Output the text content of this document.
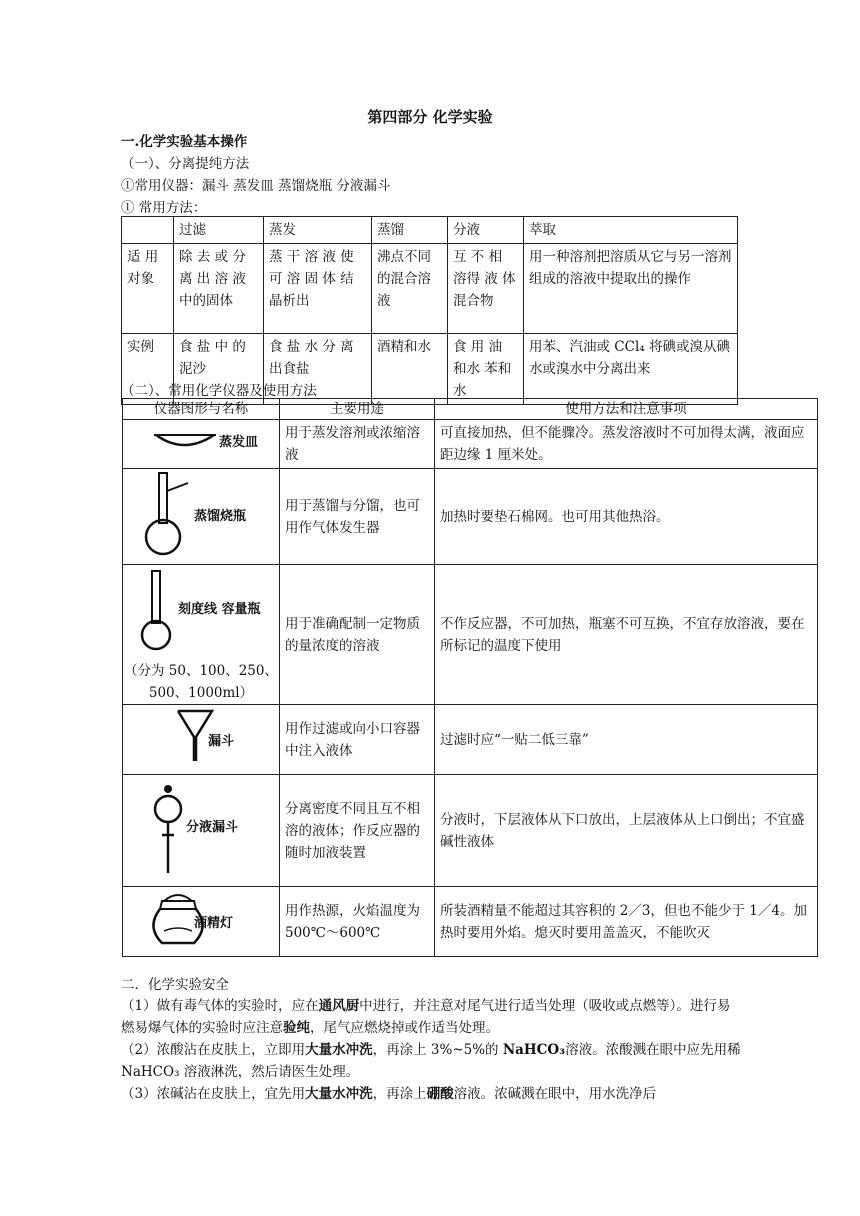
第四部分 化学实验
一.化学实验基本操作
（一）、分离提纯方法
①常用仪器：漏斗 蒸发皿 蒸馏烧瓶 分液漏斗
① 常用方法：
	过滤	蒸发	蒸馏	分液	萃取
适 用对象	除 去 或 分离 出 溶 液中的固体	蒸 干 溶 液 使可 溶 固 体 结晶析出	沸点不同的混合溶液	互 不 相 溶得 液 体 混合物	用一种溶剂把溶质从它与另一溶剂组成的溶液中提取出的操作
实例	食 盐 中 的泥沙	食 盐 水 分 离出食盐	酒精和水	食 用 油 和水 苯和水	用苯、汽油或 CCl₄ 将碘或溴从碘水或溴水中分离出来
（二）、常用化学仪器及使用方法
仪器图形与名称	主要用途	使用方法和注意事项

蒸发皿	用于蒸发溶剂或浓缩溶液	可直接加热，但不能骤冷。蒸发溶液时不可加得太满，液面应距边缘 1 厘米处。

蒸馏烧瓶	用于蒸馏与分馏，也可用作气体发生器	加热时要垫石棉网。也可用其他热浴。

刻度线 容量瓶
（分为 50、100、250、500、1000ml）	用于准确配制一定物质的量浓度的溶液	不作反应器，不可加热，瓶塞不可互换，不宜存放溶液，要在所标记的温度下使用

漏斗	用作过滤或向小口容器中注入液体	过滤时应“一贴二低三靠”

分液漏斗	分离密度不同且互不相溶的液体；作反应器的随时加液装置	分液时，下层液体从下口放出，上层液体从上口倒出；不宜盛碱性液体

酒精灯	用作热源，火焰温度为 500℃～600℃	所装酒精量不能超过其容积的 2／3，但也不能少于 1／4。加热时要用外焰。熄灭时要用盖盖灭，不能吹灭
二．化学实验安全
（1）做有毒气体的实验时，应在通风厨中进行，并注意对尾气进行适当处理（吸收或点燃等）。进行易燃易爆气体的实验时应注意验纯，尾气应燃烧掉或作适当处理。
（2）浓酸沾在皮肤上，立即用大量水冲洗，再涂上 3%~5%的 NaHCO₃溶液。浓酸溅在眼中应先用稀 NaHCO₃ 溶液淋洗，然后请医生处理。
（3）浓碱沾在皮肤上，宜先用大量水冲洗，再涂上硼酸溶液。浓碱溅在眼中，用水洗净后
